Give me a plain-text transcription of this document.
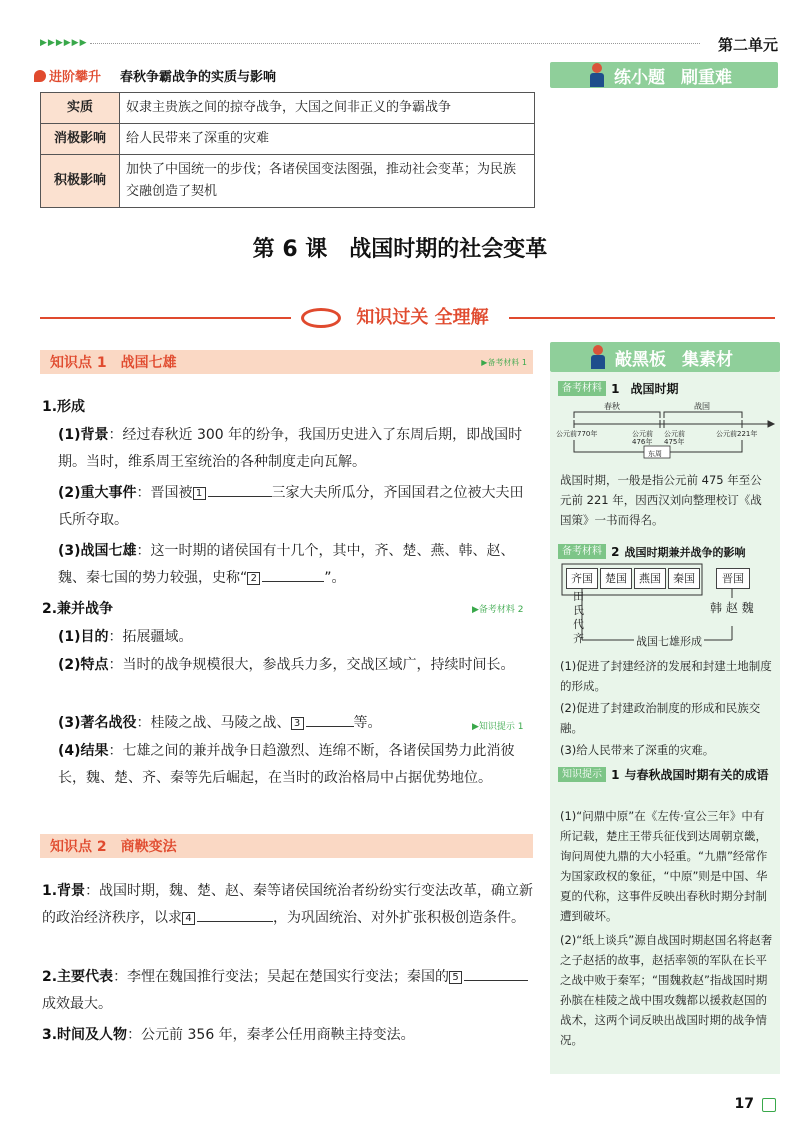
▶▶▶▶▶▶	第二单元
练小题 刷重难
进阶攀升 春秋争霸战争的实质与影响
实质	奴隶主贵族之间的掠夺战争，大国之间非正义的争霸战争
消极影响	给人民带来了深重的灾难
积极影响	加快了中国统一的步伐；各诸侯国变法图强，推动社会变革；为民族交融创造了契机
第 6 课　战国时期的社会变革
知识过关 全理解
知识点 1　战国七雄	▶备考材料 1
1.形成
(1)背景：经过春秋近 300 年的纷争，我国历史进入了东周后期，即战国时期。当时，维系周王室统治的各种制度走向瓦解。
(2)重大事件：晋国被 1	三家大夫所瓜分，齐国国君之位被大夫田氏所夺取。
(3)战国七雄：这一时期的诸侯国有十几个，其中，齐、楚、燕、韩、赵、魏、秦七国的势力较强，史称“ 2	”。
2.兼并战争	▶备考材料 2
(1)目的：拓展疆域。
(2)特点：当时的战争规模很大，参战兵力多，交战区域广，持续时间长。
(3)著名战役：桂陵之战、马陵之战、 3	等。	▶知识提示 1
(4)结果：七雄之间的兼并战争日趋激烈、连绵不断，各诸侯国势力此消彼长，魏、楚、齐、秦等先后崛起，在当时的政治格局中占据优势地位。
知识点 2　商鞅变法
1.背景：战国时期，魏、楚、赵、秦等诸侯国统治者纷纷实行变法改革，确立新的政治经济秩序，以求 4	，为巩固统治、对外扩张积极创造条件。
2.主要代表：李悝在魏国推行变法；吴起在楚国实行变法；秦国的 5成效最大。
3.时间及人物：公元前 356 年，秦孝公任用商鞅主持变法。
敲黑板 集素材
备考材料 1 战国时期
春秋	战国
公元前770年	公元前 476年
公元前 475年
公元前221年
东周
战国时期，一般是指公元前 475 年至公元前 221 年，因西汉刘向整理校订《战国策》一书而得名。
备考材料 2 战国时期兼并战争的影响
齐国	楚国	燕国	秦国	晋国
田
氏
代
齐
韩 赵 魏
战国七雄形成
(1)促进了封建经济的发展和封建土地制度的形成。
(2)促进了封建政治制度的形成和民族交融。
(3)给人民带来了深重的灾难。
知识提示 1 与春秋战国时期有关的成语
(1)“问鼎中原”在《左传·宣公三年》中有所记载，楚庄王带兵征伐到达周朝京畿，询问周使九鼎的大小轻重。“九鼎”经常作为国家政权的象征，“中原”则是中国、华夏的代称，这事件反映出春秋时期分封制遭到破坏。
(2)“纸上谈兵”源自战国时期赵国名将赵奢之子赵括的故事，赵括率领的军队在长平之战中败于秦军；“围魏救赵”指战国时期孙膑在桂陵之战中围攻魏都以援救赵国的战术，这两个词反映出战国时期的战争情况。
17
